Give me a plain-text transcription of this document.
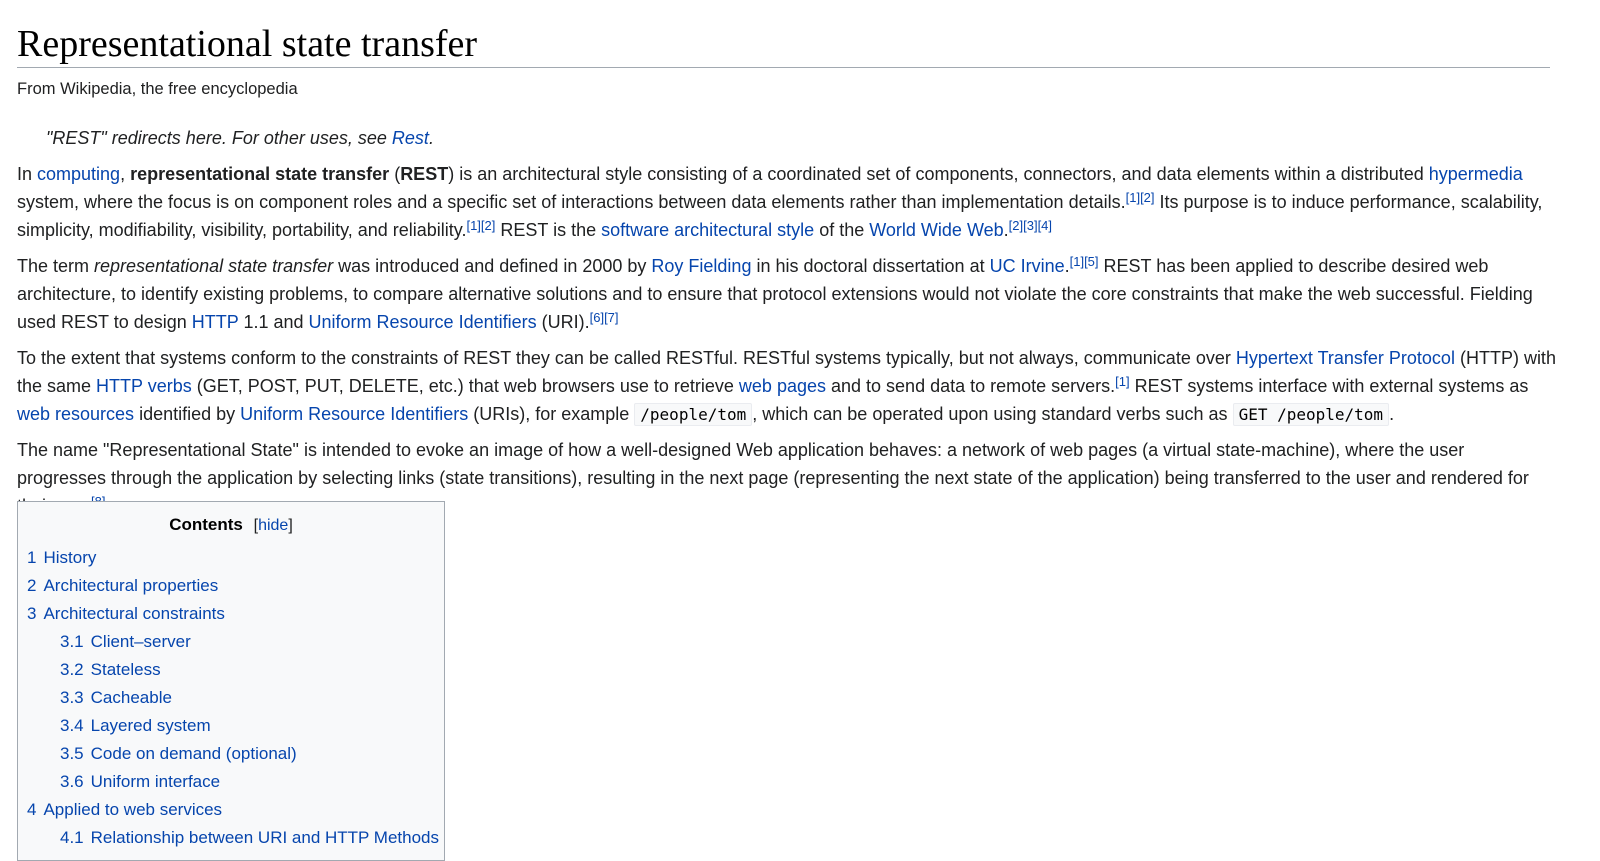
Representational state transfer
From Wikipedia, the free encyclopedia
"REST" redirects here. For other uses, see Rest.

In computing, representational state transfer (REST) is an architectural style consisting of a coordinated set of components, connectors, and data elements within a distributed hypermedia system, where the focus is on component roles and a specific set of interactions between data elements rather than implementation details.[1][2] Its purpose is to induce performance, scalability, simplicity, modifiability, visibility, portability, and reliability.[1][2] REST is the software architectural style of the World Wide Web.[2][3][4]

The term representational state transfer was introduced and defined in 2000 by Roy Fielding in his doctoral dissertation at UC Irvine.[1][5] REST has been applied to describe desired web architecture, to identify existing problems, to compare alternative solutions and to ensure that protocol extensions would not violate the core constraints that make the web successful. Fielding used REST to design HTTP 1.1 and Uniform Resource Identifiers (URI).[6][7]

To the extent that systems conform to the constraints of REST they can be called RESTful. RESTful systems typically, but not always, communicate over Hypertext Transfer Protocol (HTTP) with the same HTTP verbs (GET, POST, PUT, DELETE, etc.) that web browsers use to retrieve web pages and to send data to remote servers.[1] REST systems interface with external systems as web resources identified by Uniform Resource Identifiers (URIs), for example /people/tom , which can be operated upon using standard verbs such as GET /people/tom .

The name "Representational State" is intended to evoke an image of how a well-designed Web application behaves: a network of web pages (a virtual state-machine), where the user progresses through the application by selecting links (state transitions), resulting in the next page (representing the next state of the application) being transferred to the user and rendered for

Contents [hide]
1 History
2 Architectural properties
3 Architectural constraints
3.1 Client–server
3.2 Stateless
3.3 Cacheable
3.4 Layered system
3.5 Code on demand (optional)
3.6 Uniform interface
4 Applied to web services
4.1 Relationship between URI and HTTP Methods
